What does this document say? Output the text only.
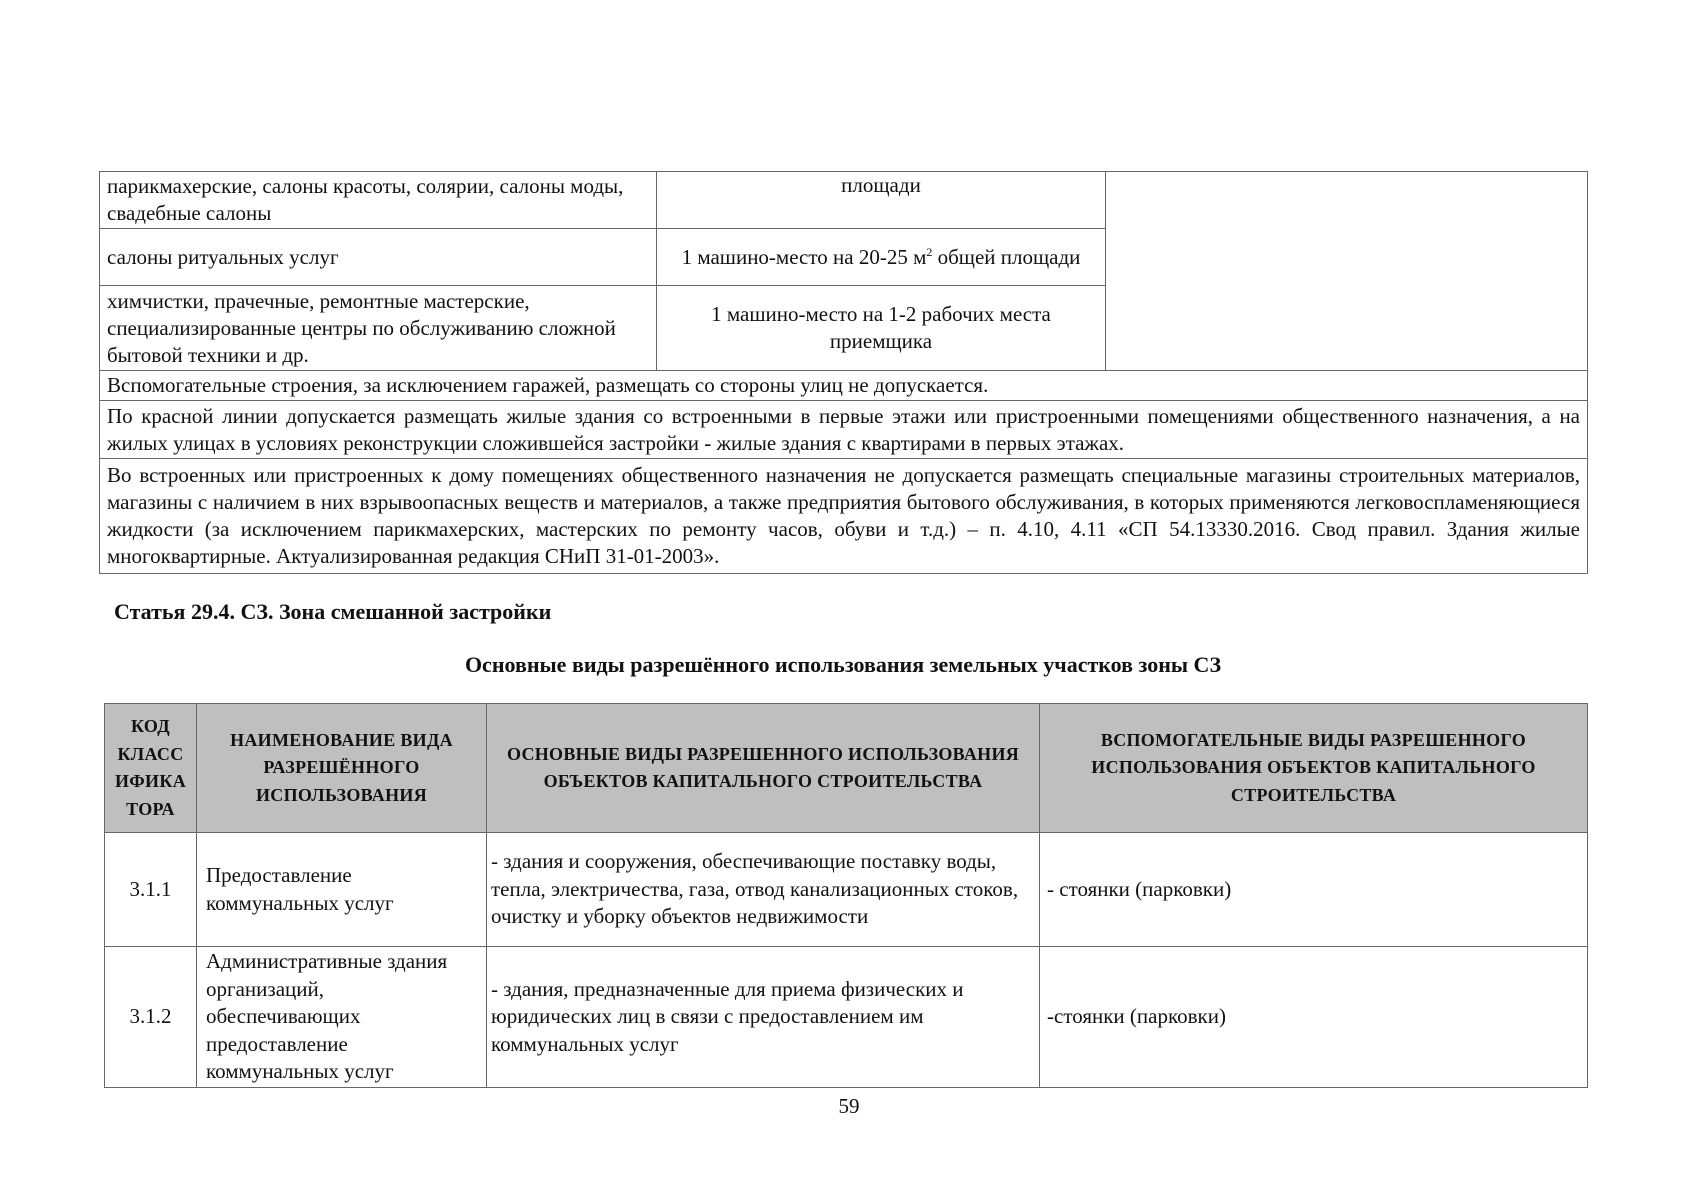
парикмахерские, салоны красоты, солярии, салоны моды, свадебные салоны	площади	
салоны ритуальных услуг	1 машино-место на 20-25 $м^2$ общей площади	
химчистки, прачечные, ремонтные мастерские, специализированные центры по обслуживанию сложной бытовой техники и др.	1 машино-место на 1-2 рабочих места приемщика	
Вспомогательные строения, за исключением гаражей, размещать со стороны улиц не допускается.		
По красной линии допускается размещать жилые здания со встроенными в первые этажи или пристроенными помещениями общественного назначения, а на жилых улицах в условиях реконструкции сложившейся застройки - жилые здания с квартирами в первых этажах.		
Во встроенных или пристроенных к дому помещениях общественного назначения не допускается размещать специальные магазины строительных материалов, магазины с наличием в них взрывоопасных веществ и материалов, а также предприятия бытового обслуживания, в которых применяются легковоспламеняющиеся жидкости (за исключением парикмахерских, мастерских по ремонту часов, обуви и т.д.) – п. 4.10, 4.11 «СП 54.13330.2016. Свод правил. Здания жилые многоквартирные. Актуализированная редакция СНиП 31-01-2003».		
Статья 29.4. СЗ. Зона смешанной застройки
Основные виды разрешённого использования земельных участков зоны СЗ
КОД КЛАСС ИФИКА ТОРА	НАИМЕНОВАНИЕ ВИДА РАЗРЕШЁННОГО ИСПОЛЬЗОВАНИЯ	ОСНОВНЫЕ ВИДЫ РАЗРЕШЕННОГО ИСПОЛЬЗОВАНИЯ ОБЪЕКТОВ КАПИТАЛЬНОГО СТРОИТЕЛЬСТВА	ВСПОМОГАТЕЛЬНЫЕ ВИДЫ РАЗРЕШЕННОГО ИСПОЛЬЗОВАНИЯ ОБЪЕКТОВ КАПИТАЛЬНОГО СТРОИТЕЛЬСТВА
3.1.1	Предоставление коммунальных услуг	- здания и сооружения, обеспечивающие поставку воды, тепла, электричества, газа, отвод канализационных стоков, очистку и уборку объектов недвижимости	- стоянки (парковки)
3.1.2	Административные здания организаций, обеспечивающих предоставление коммунальных услуг	- здания, предназначенные для приема физических и юридических лиц в связи с предоставлением им коммунальных услуг	-стоянки (парковки)
59
